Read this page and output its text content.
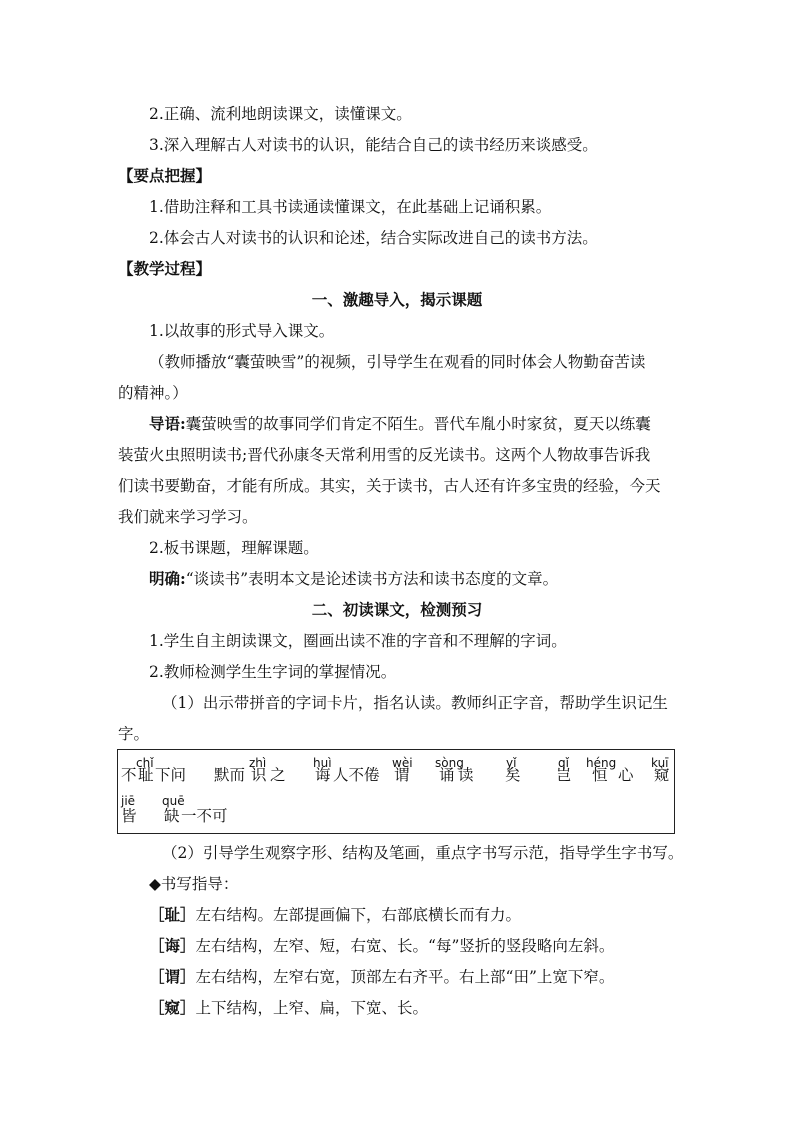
2.正确、流利地朗读课文，读懂课文。
3.深入理解古人对读书的认识，能结合自己的读书经历来谈感受。
【要点把握】
1.借助注释和工具书读通读懂课文，在此基础上记诵积累。
2.体会古人对读书的认识和论述，结合实际改进自己的读书方法。
【教学过程】
一、激趣导入，揭示课题
1.以故事的形式导入课文。
（教师播放“囊萤映雪”的视频，引导学生在观看的同时体会人物勤奋苦读
的精神。）
导语:囊萤映雪的故事同学们肯定不陌生。晋代车胤小时家贫，夏天以练囊
装萤火虫照明读书;晋代孙康冬天常利用雪的反光读书。这两个人物故事告诉我
们读书要勤奋，才能有所成。其实，关于读书，古人还有许多宝贵的经验，今天
我们就来学习学习。
2.板书课题，理解课题。
明确:“谈读书”表明本文是论述读书方法和读书态度的文章。
二、初读课文，检测预习
1.学生自主朗读课文，圈画出读不准的字音和不理解的字词。
2.教师检测学生生字词的掌握情况。
（1）出示带拼音的字词卡片，指名认读。教师纠正字音，帮助学生识记生
字。
chǐ	zhì	huì	wèi sòng	yǐ	qǐ héng	kuī
不 耻 下问 默而 识 之 诲 人不倦 谓 诵 读 矣 岂 恒 心 窥
jiē quē
皆 缺 一不可
（2）引导学生观察字形、结构及笔画，重点字书写示范，指导学生字书写。
◆书写指导：
［耻］左右结构。左部提画偏下，右部底横长而有力。
［诲］左右结构，左窄、短，右宽、长。“每”竖折的竖段略向左斜。
［谓］左右结构，左窄右宽，顶部左右齐平。右上部“田”上宽下窄。
［窥］上下结构，上窄、扁，下宽、长。
